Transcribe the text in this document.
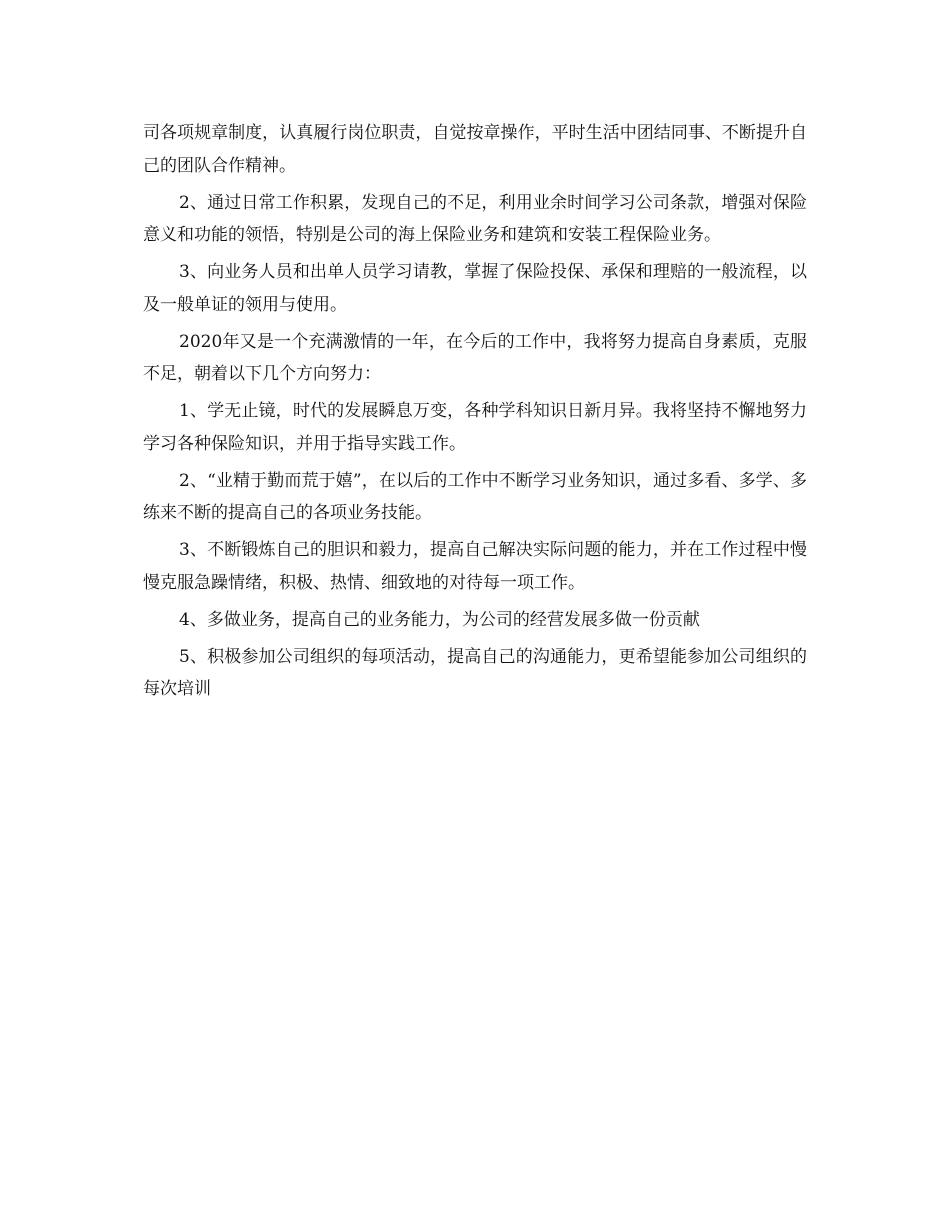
司各项规章制度，认真履行岗位职责，自觉按章操作，平时生活中团结同事、不断提升自己的团队合作精神。

2、通过日常工作积累，发现自己的不足，利用业余时间学习公司条款，增强对保险意义和功能的领悟，特别是公司的海上保险业务和建筑和安装工程保险业务。

3、向业务人员和出单人员学习请教，掌握了保险投保、承保和理赔的一般流程，以及一般单证的领用与使用。

2020年又是一个充满激情的一年，在今后的工作中，我将努力提高自身素质，克服不足，朝着以下几个方向努力：

1、学无止镜，时代的发展瞬息万变，各种学科知识日新月异。我将坚持不懈地努力学习各种保险知识，并用于指导实践工作。

2、“业精于勤而荒于嬉”，在以后的工作中不断学习业务知识，通过多看、多学、多练来不断的提高自己的各项业务技能。

3、不断锻炼自己的胆识和毅力，提高自己解决实际问题的能力，并在工作过程中慢慢克服急躁情绪，积极、热情、细致地的对待每一项工作。

4、多做业务，提高自己的业务能力，为公司的经营发展多做一份贡献

5、积极参加公司组织的每项活动，提高自己的沟通能力，更希望能参加公司组织的每次培训
